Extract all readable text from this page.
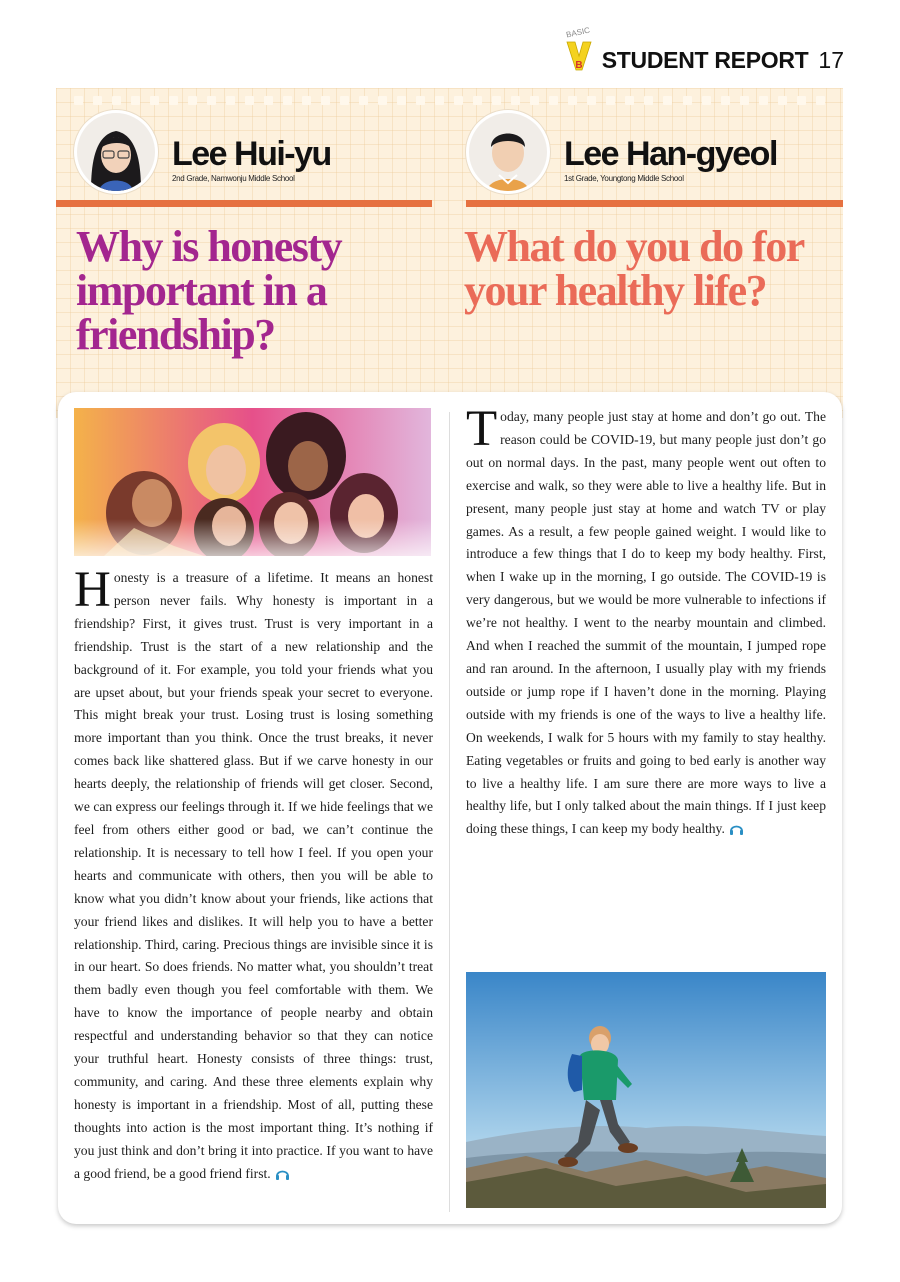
BASIC
B STUDENT REPORT 17
Lee Hui-yu
2nd Grade, Namwonju Middle School
Lee Han-gyeol
1st Grade, Youngtong Middle School
Why is honesty important in a friendship?
What do you do for your healthy life?
Honesty is a treasure of a lifetime. It means an honest person never fails. Why honesty is important in a friendship? First, it gives trust. Trust is very important in a friendship. Trust is the start of a new relationship and the background of it. For example, you told your friends what you are upset about, but your friends speak your secret to everyone. This might break your trust. Losing trust is losing something more important than you think. Once the trust breaks, it never comes back like shattered glass. But if we carve honesty in our hearts deeply, the relationship of friends will get closer. Second, we can express our feelings through it. If we hide feelings that we feel from others either good or bad, we can’t continue the relationship. It is necessary to tell how I feel. If you open your hearts and communicate with others, then you will be able to know what you didn’t know about your friends, like actions that your friend likes and dislikes. It will help you to have a better relationship. Third, caring. Precious things are invisible since it is in our heart. So does friends. No matter what, you shouldn’t treat them badly even though you feel comfortable with them. We have to know the importance of people nearby and obtain respectful and understanding behavior so that they can notice your truthful heart. Honesty consists of three things: trust, community, and caring. And these three elements explain why honesty is important in a friendship. Most of all, putting these thoughts into action is the most important thing. It’s nothing if you just think and don’t bring it into practice. If you want to have a good friend, be a good friend first.
Today, many people just stay at home and don’t go out. The reason could be COVID-19, but many people just don’t go out on normal days. In the past, many people went out often to exercise and walk, so they were able to live a healthy life. But in present, many people just stay at home and watch TV or play games. As a result, a few people gained weight. I would like to introduce a few things that I do to keep my body healthy. First, when I wake up in the morning, I go outside. The COVID-19 is very dangerous, but we would be more vulnerable to infections if we’re not healthy. I went to the nearby mountain and climbed. And when I reached the summit of the mountain, I jumped rope and ran around. In the afternoon, I usually play with my friends outside or jump rope if I haven’t done in the morning. Playing outside with my friends is one of the ways to live a healthy life. On weekends, I walk for 5 hours with my family to stay healthy. Eating vegetables or fruits and going to bed early is another way to live a healthy life. I am sure there are more ways to live a healthy life, but I only talked about the main things. If I just keep doing these things, I can keep my body healthy.
